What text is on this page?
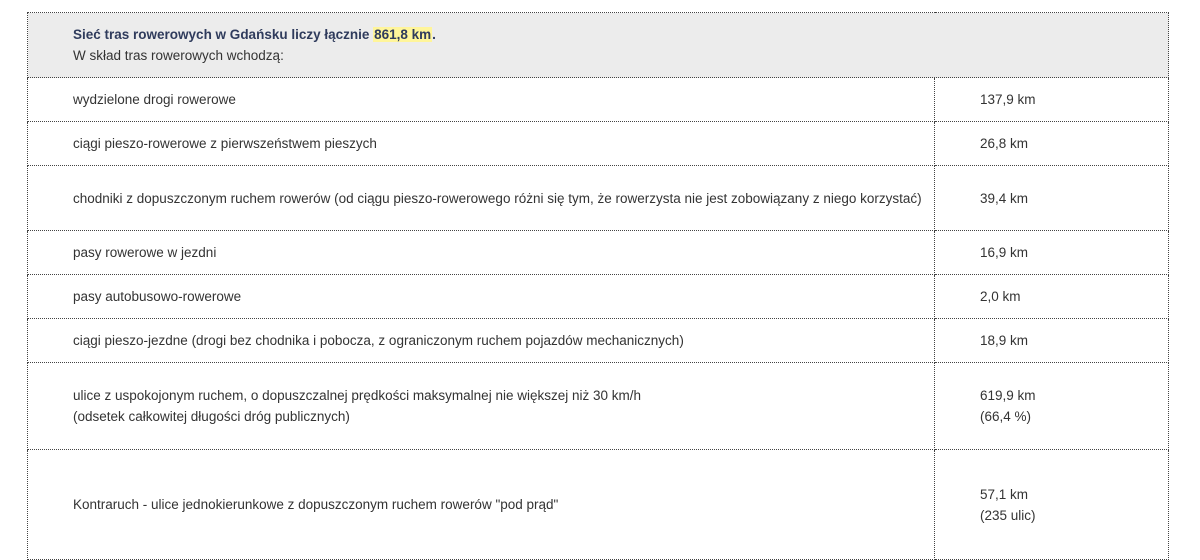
Sieć tras rowerowych w Gdańsku liczy łącznie 861,8 km.
W skład tras rowerowych wchodzą:	

wydzielone drogi rowerowe	137,9 km
ciągi pieszo-rowerowe z pierwszeństwem pieszych	26,8 km
chodniki z dopuszczonym ruchem rowerów (od ciągu pieszo-rowerowego różni się tym, że rowerzysta nie jest zobowiązany z niego korzystać)	39,4 km
pasy rowerowe w jezdni	16,9 km
pasy autobusowo-rowerowe	2,0 km
ciągi pieszo-jezdne (drogi bez chodnika i pobocza, z ograniczonym ruchem pojazdów mechanicznych)	18,9 km

ulice z uspokojonym ruchem, o dopuszczalnej prędkości maksymalnej nie większej niż 30 km/h
(odsetek całkowitej długości dróg publicznych)	619,9 km
(66,4 %)

Kontraruch - ulice jednokierunkowe z dopuszczonym ruchem rowerów "pod prąd"	57,1 km
(235 ulic)
